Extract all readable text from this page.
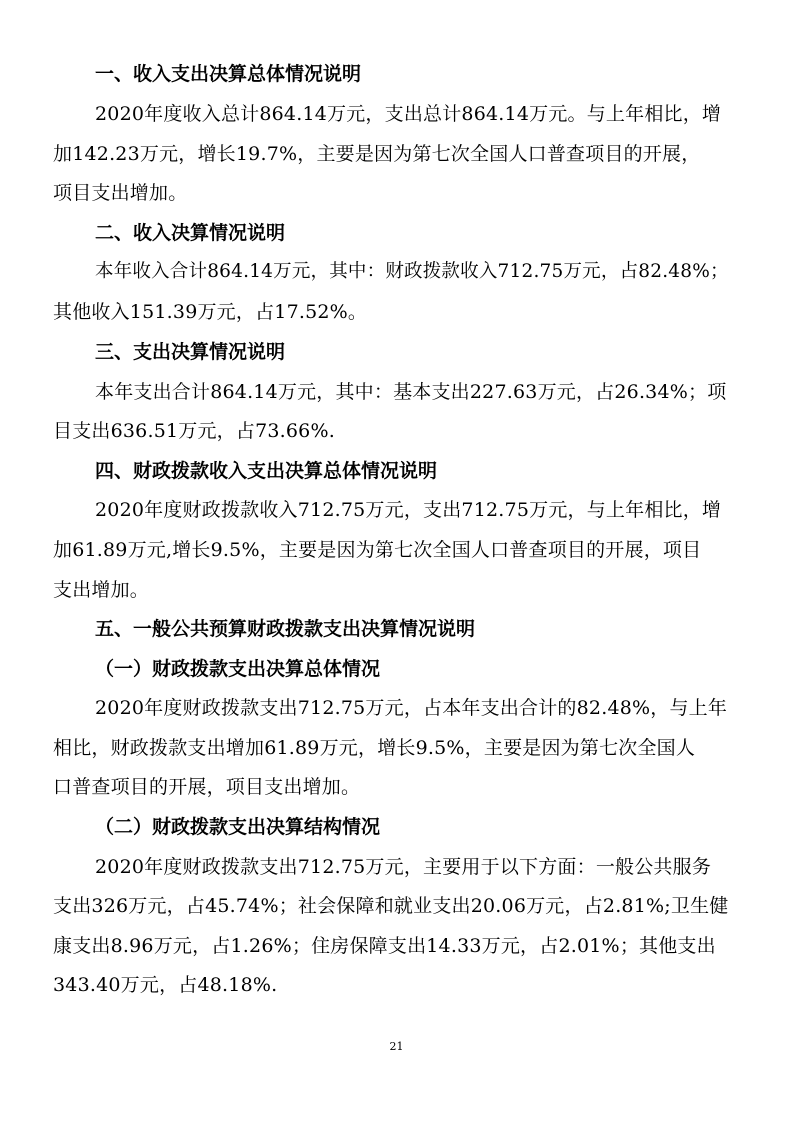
一、收入支出决算总体情况说明
2020年度收入总计864.14万元，支出总计864.14万元。与上年相比，增
加142.23万元，增长19.7%，主要是因为第七次全国人口普查项目的开展，
项目支出增加。
二、收入决算情况说明
本年收入合计864.14万元，其中：财政拨款收入712.75万元，占82.48%；
其他收入151.39万元，占17.52%。
三、支出决算情况说明
本年支出合计864.14万元，其中：基本支出227.63万元，占26.34%；项
目支出636.51万元，占73.66%.
四、财政拨款收入支出决算总体情况说明
2020年度财政拨款收入712.75万元，支出712.75万元，与上年相比，增
加61.89万元,增长9.5%，主要是因为第七次全国人口普查项目的开展，项目
支出增加。
五、一般公共预算财政拨款支出决算情况说明
（一）财政拨款支出决算总体情况
2020年度财政拨款支出712.75万元，占本年支出合计的82.48%，与上年
相比，财政拨款支出增加61.89万元，增长9.5%，主要是因为第七次全国人
口普查项目的开展，项目支出增加。
（二）财政拨款支出决算结构情况
2020年度财政拨款支出712.75万元，主要用于以下方面：一般公共服务
支出326万元，占45.74%；社会保障和就业支出20.06万元，占2.81%;卫生健
康支出8.96万元，占1.26%；住房保障支出14.33万元，占2.01%；其他支出
343.40万元，占48.18%.
21
